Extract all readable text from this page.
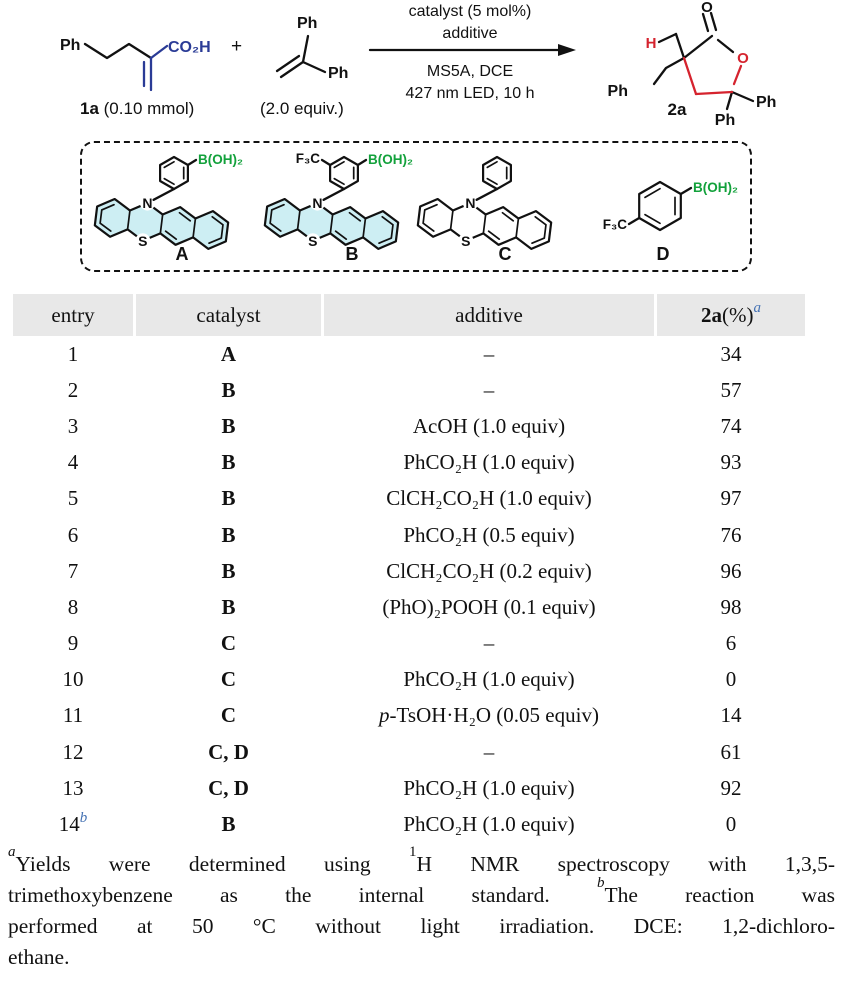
Ph	CO₂H
1a (0.10 mmol)
+
Ph
Ph
(2.0 equiv.)
catalyst (5 mol%)
additive
MS5A, DCE
427 nm LED, 10 h
O
O
H
Ph
Ph
Ph
2a
N
S
B(OH)₂
A
N
S
B(OH)₂
F₃C
B
N
S
C
B(OH)₂
F₃C
D
entry	catalyst	additive	2a (%)$^a$
1	A	–	34
2	B	–	57
3	B	AcOH (1.0 equiv)	74
4	B	PhCO₂H (1.0 equiv)	93
5	B	ClCH₂CO₂H (1.0 equiv)	97
6	B	PhCO₂H (0.5 equiv)	76
7	B	ClCH₂CO₂H (0.2 equiv)	96
8	B	(PhO)₂POOH (0.1 equiv)	98
9	C	–	6
10	C	PhCO₂H (1.0 equiv)	0
11	C	p -TsOH·H₂O (0.05 equiv)	14
12	C, D	–	61
13	C, D	PhCO₂H (1.0 equiv)	92
14$^b$	B	PhCO₂H (1.0 equiv)	0
$^a$Yields were determined using $^1$H NMR spectroscopy with 1,3,5-
trimethoxybenzene as the internal standard. $^b$The reaction was
performed at 50 °C without light irradiation. DCE: 1,2-dichloro-
ethane.
